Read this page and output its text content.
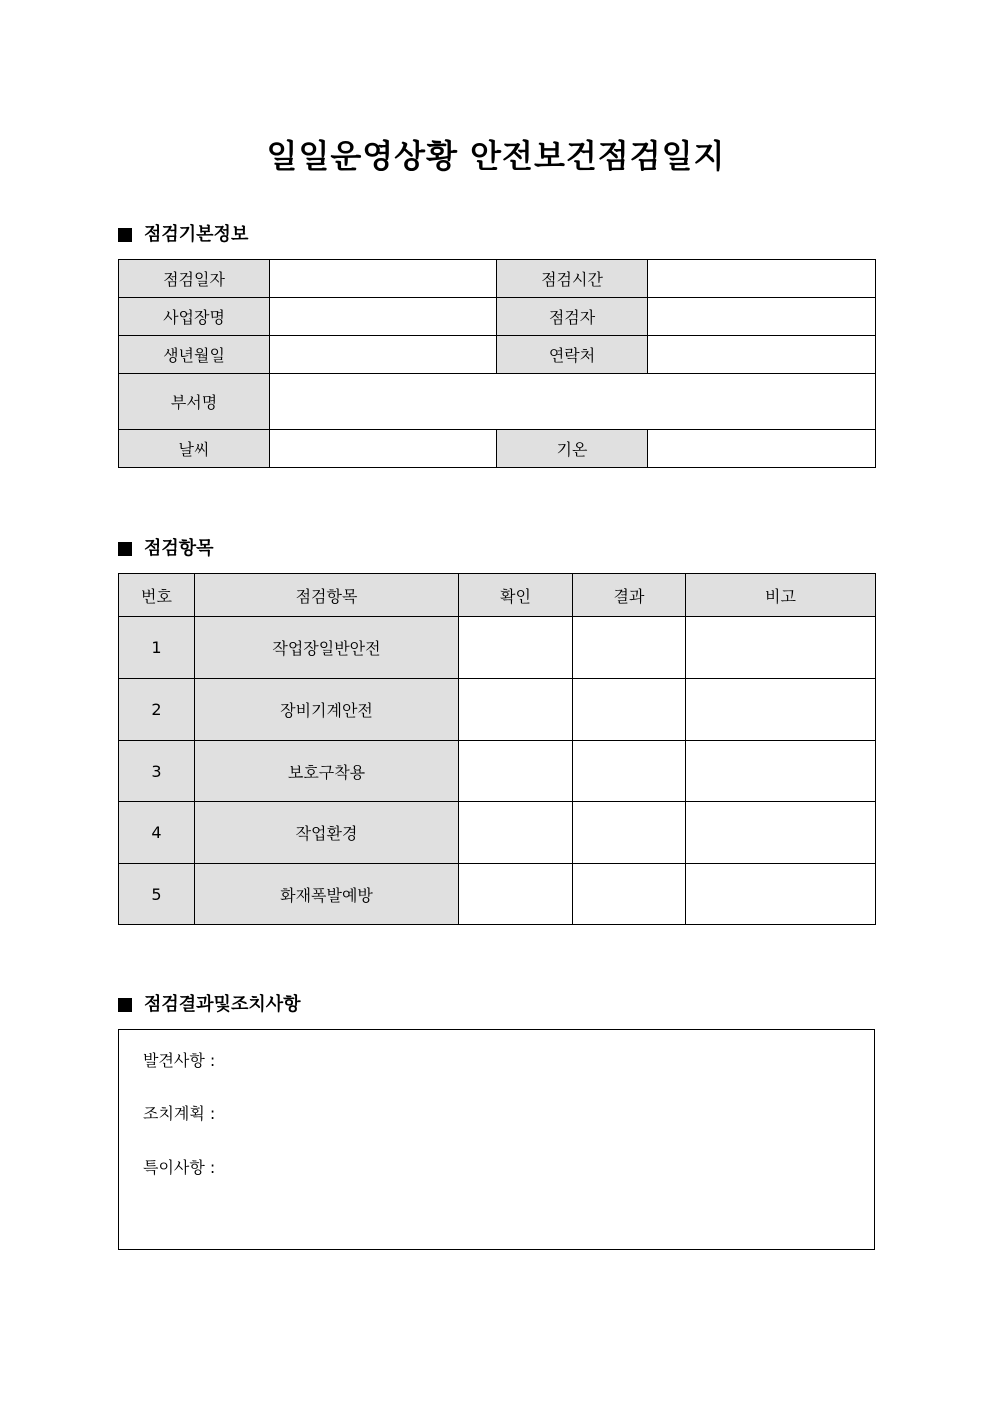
일일운영상황 안전보건점검일지
점검기본정보
점검일자		점검시간	
사업장명		점검자	
생년월일		연락처	
부서명			
날씨		기온	
점검항목
번호	점검항목	확인	결과	비고
1	작업장일반안전			
2	장비기계안전			
3	보호구착용			
4	작업환경			
5	화재폭발예방			
점검결과및조치사항
발견사항 :
조치계획 :
특이사항 :
